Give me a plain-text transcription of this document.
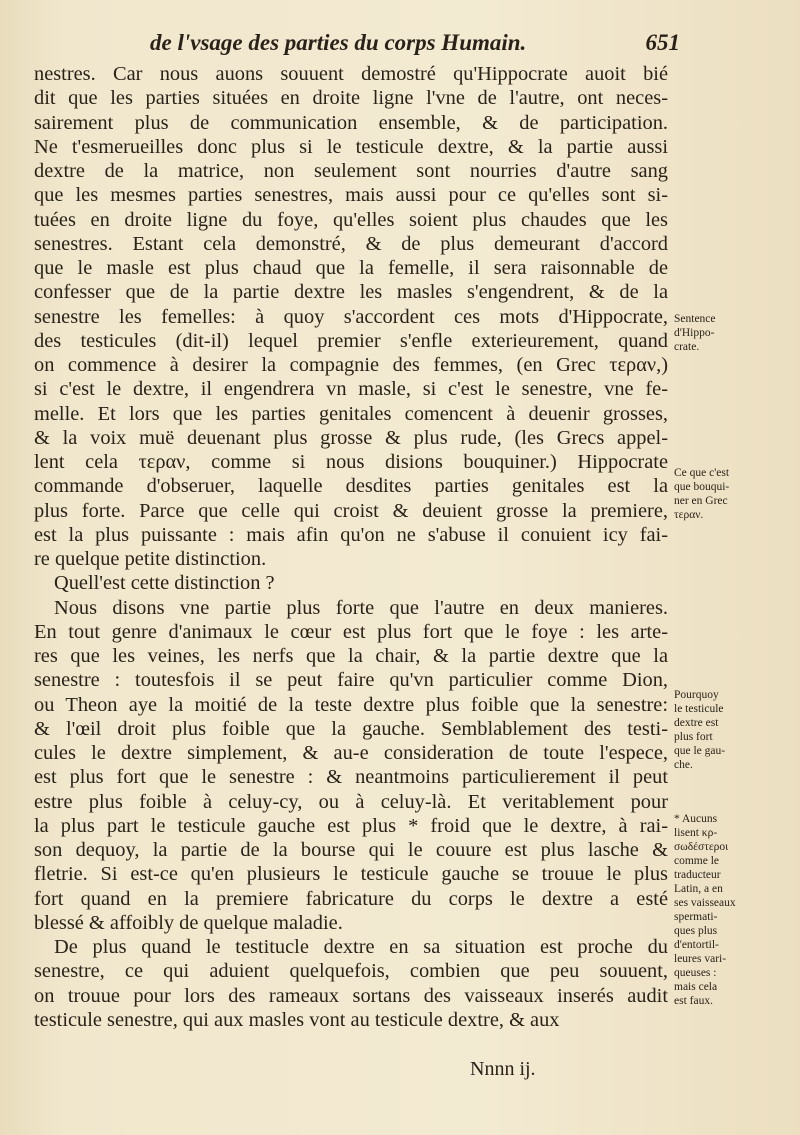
de l'vsage des parties du corps Humain.	651
nestres. Car nous auons souuent demostré qu'Hippocrate auoit bié
dit que les parties situées en droite ligne l'vne de l'autre, ont neces-
sairement plus de communication ensemble, & de participation.
Ne t'esmerueilles donc plus si le testicule dextre, & la partie aussi
dextre de la matrice, non seulement sont nourries d'autre sang
que les mesmes parties senestres, mais aussi pour ce qu'elles sont si-
tuées en droite ligne du foye, qu'elles soient plus chaudes que les
senestres. Estant cela demonstré, & de plus demeurant d'accord
que le masle est plus chaud que la femelle, il sera raisonnable de
confesser que de la partie dextre les masles s'engendrent, & de la
senestre les femelles: à quoy s'accordent ces mots d'Hippocrate,
des testicules (dit-il) lequel premier s'enfle exterieurement, quand
on commence à desirer la compagnie des femmes, (en Grec τεραν,)
si c'est le dextre, il engendrera vn masle, si c'est le senestre, vne fe-
melle. Et lors que les parties genitales comencent à deuenir grosses,
& la voix muë deuenant plus grosse & plus rude, (les Grecs appel-
lent cela τεραν, comme si nous disions bouquiner.) Hippocrate
commande d'obseruer, laquelle desdites parties genitales est la
plus forte. Parce que celle qui croist & deuient grosse la premiere,
est la plus puissante : mais afin qu'on ne s'abuse il conuient icy fai-
re quelque petite distinction.
Quell'est cette distinction ?
Nous disons vne partie plus forte que l'autre en deux manieres.
En tout genre d'animaux le cœur est plus fort que le foye : les arte-
res que les veines, les nerfs que la chair, & la partie dextre que la
senestre : toutesfois il se peut faire qu'vn particulier comme Dion,
ou Theon aye la moitié de la teste dextre plus foible que la senestre:
& l'œil droit plus foible que la gauche. Semblablement des testi-
cules le dextre simplement, & au-e consideration de toute l'espece,
est plus fort que le senestre : & neantmoins particulierement il peut
estre plus foible à celuy-cy, ou à celuy-là. Et veritablement pour
la plus part le testicule gauche est plus * froid que le dextre, à rai-
son dequoy, la partie de la bourse qui le couure est plus lasche &
fletrie. Si est-ce qu'en plusieurs le testicule gauche se trouue le plus
fort quand en la premiere fabricature du corps le dextre a esté
blessé & affoibly de quelque maladie.
De plus quand le testitucle dextre en sa situation est proche du
senestre, ce qui aduient quelquefois, combien que peu souuent,
on trouue pour lors des rameaux sortans des vaisseaux inserés audit
testicule senestre, qui aux masles vont au testicule dextre, & aux
Sentence
d'Hippo-
crate.
Ce que c'est
que bouqui-
ner en Grec
τεραν.
Pourquoy
le testicule
dextre est
plus fort
que le gau-
che.
* Aucuns
lisent κρ-
σωδέστεροι
comme le
traducteur
Latin, a en
ses vaisseaux
spermati-
ques plus
d'entortil-
leures vari-
queuses :
mais cela
est faux.
Nnnn ij.
